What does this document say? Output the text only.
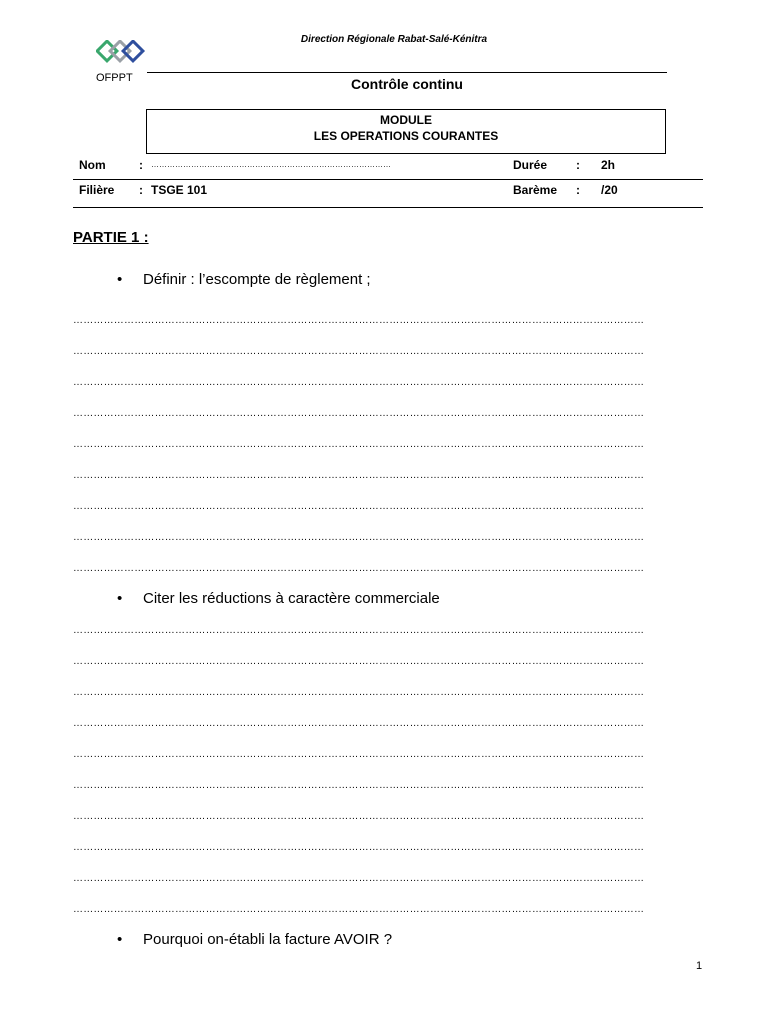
Direction Régionale Rabat-Salé-Kénitra
OFPPT	Contrôle continu
MODULE
LES OPERATIONS COURANTES
Nom	: ………………………………………………………………………………	Durée : 2h
Filière : TSGE 101	Barème : /20
PARTIE 1 :
• Définir : l’escompte de règlement ;
……………………………………………………………………………………………………………………………………………………
……………………………………………………………………………………………………………………………………………………
……………………………………………………………………………………………………………………………………………………
……………………………………………………………………………………………………………………………………………………
……………………………………………………………………………………………………………………………………………………
……………………………………………………………………………………………………………………………………………………
……………………………………………………………………………………………………………………………………………………
……………………………………………………………………………………………………………………………………………………
……………………………………………………………………………………………………………………………………………………
• Citer les réductions à caractère commerciale
……………………………………………………………………………………………………………………………………………………
……………………………………………………………………………………………………………………………………………………
……………………………………………………………………………………………………………………………………………………
……………………………………………………………………………………………………………………………………………………
……………………………………………………………………………………………………………………………………………………
……………………………………………………………………………………………………………………………………………………
……………………………………………………………………………………………………………………………………………………
……………………………………………………………………………………………………………………………………………………
……………………………………………………………………………………………………………………………………………………
……………………………………………………………………………………………………………………………………………………
• Pourquoi on-établi la facture AVOIR ?
1
